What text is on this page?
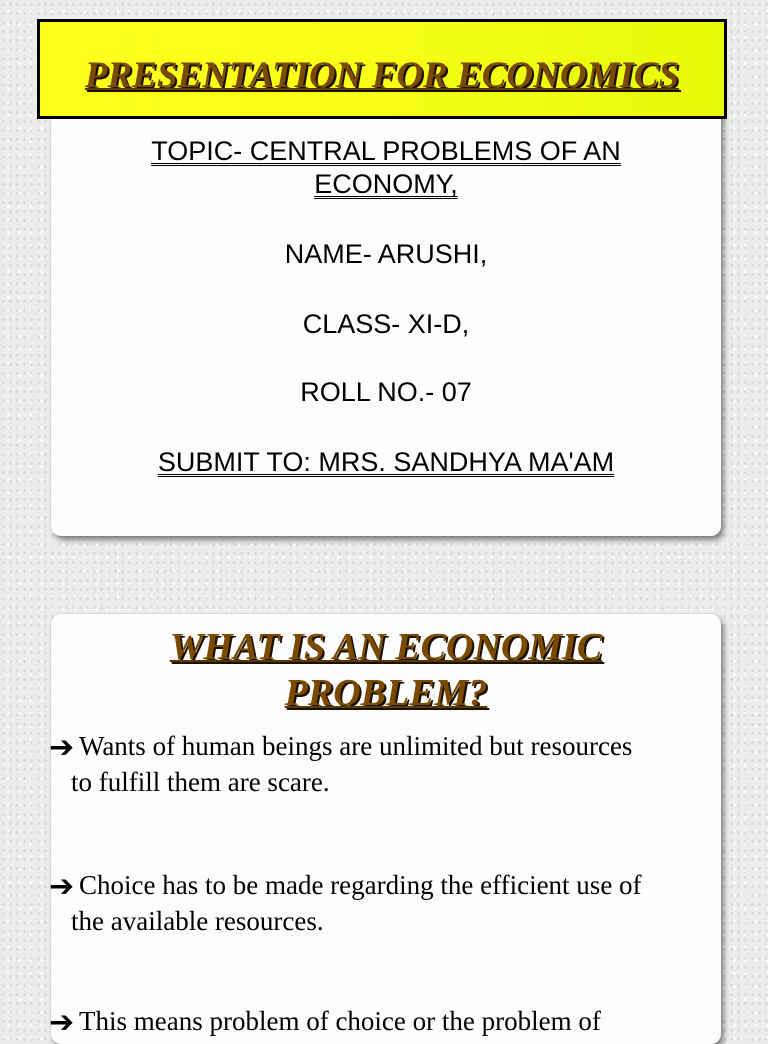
PRESENTATION FOR ECONOMICS

TOPIC- CENTRAL PROBLEMS OF AN

ECONOMY,

NAME- ARUSHI,

CLASS- XI-D,

ROLL NO.- 07

SUBMIT TO: MRS. SANDHYA MA'AM

WHAT IS AN ECONOMIC
PROBLEM?
➔ Wants of human beings are unlimited but resources
to fulfill them are scare.
➔ Choice has to be made regarding the efficient use of
the available resources.
➔ This means problem of choice or the problem of
